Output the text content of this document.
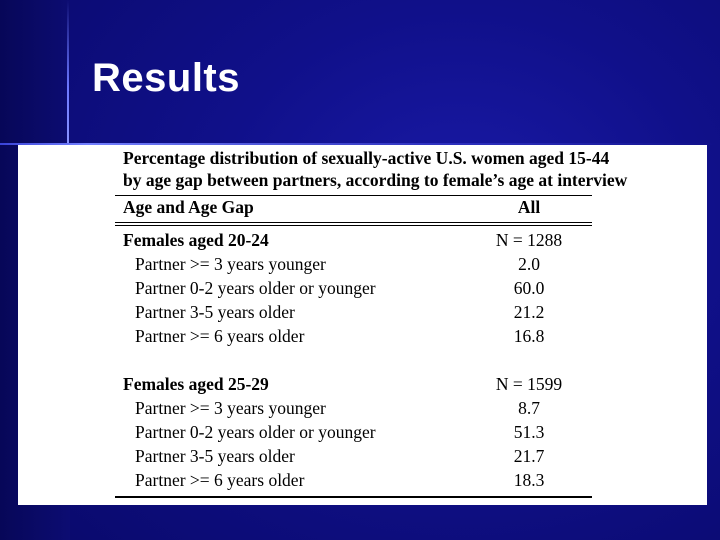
Results
Percentage distribution of sexually-active U.S. women aged 15-44
by age gap between partners, according to female’s age at interview
Age and Age Gap	All
Females aged 20-24	N = 1288
Partner >= 3 years younger	2.0
Partner 0-2 years older or younger	60.0
Partner 3-5 years older	21.2
Partner >= 6 years older	16.8
Females aged 25-29	N = 1599
Partner >= 3 years younger	8.7
Partner 0-2 years older or younger	51.3
Partner 3-5 years older	21.7
Partner >= 6 years older	18.3
